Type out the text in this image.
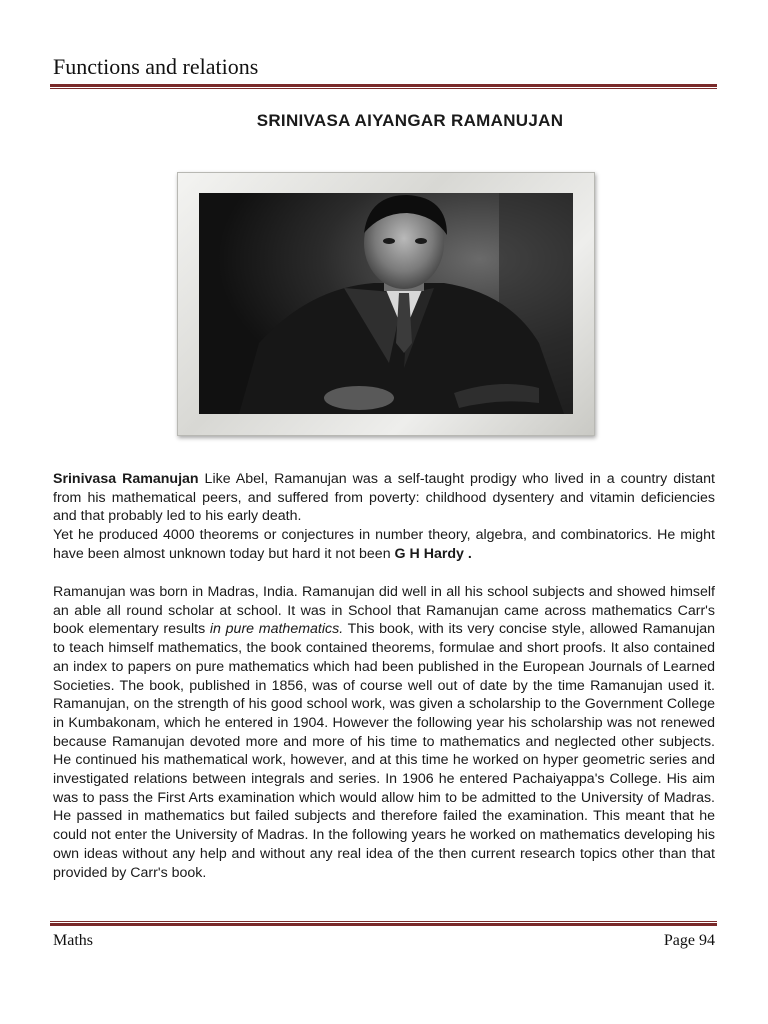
Functions and relations
SRINIVASA AIYANGAR RAMANUJAN

Srinivasa Ramanujan Like Abel, Ramanujan was a self-taught prodigy who lived in a country distant from his mathematical peers, and suffered from poverty: childhood dysentery and vitamin deficiencies and that probably led to his early death.

Yet he produced 4000 theorems or conjectures in number theory, algebra, and combinatorics. He might have been almost unknown today but hard it not been G H Hardy .

Ramanujan was born in Madras, India. Ramanujan did well in all his school subjects and showed himself an able all round scholar at school. It was in School that Ramanujan came across mathematics Carr's book elementary results in pure mathematics. This book, with its very concise style, allowed Ramanujan to teach himself mathematics, the book contained theorems, formulae and short proofs. It also contained an index to papers on pure mathematics which had been published in the European Journals of Learned Societies. The book, published in 1856, was of course well out of date by the time Ramanujan used it. Ramanujan, on the strength of his good school work, was given a scholarship to the Government College in Kumbakonam, which he entered in 1904. However the following year his scholarship was not renewed because Ramanujan devoted more and more of his time to mathematics and neglected other subjects. He continued his mathematical work, however, and at this time he worked on hyper geometric series and investigated relations between integrals and series. In 1906 he entered Pachaiyappa's College. His aim was to pass the First Arts examination which would allow him to be admitted to the University of Madras. He passed in mathematics but failed subjects and therefore failed the examination. This meant that he could not enter the University of Madras. In the following years he worked on mathematics developing his own ideas without any help and without any real idea of the then current research topics other than that provided by Carr's book.

Maths	Page 94
